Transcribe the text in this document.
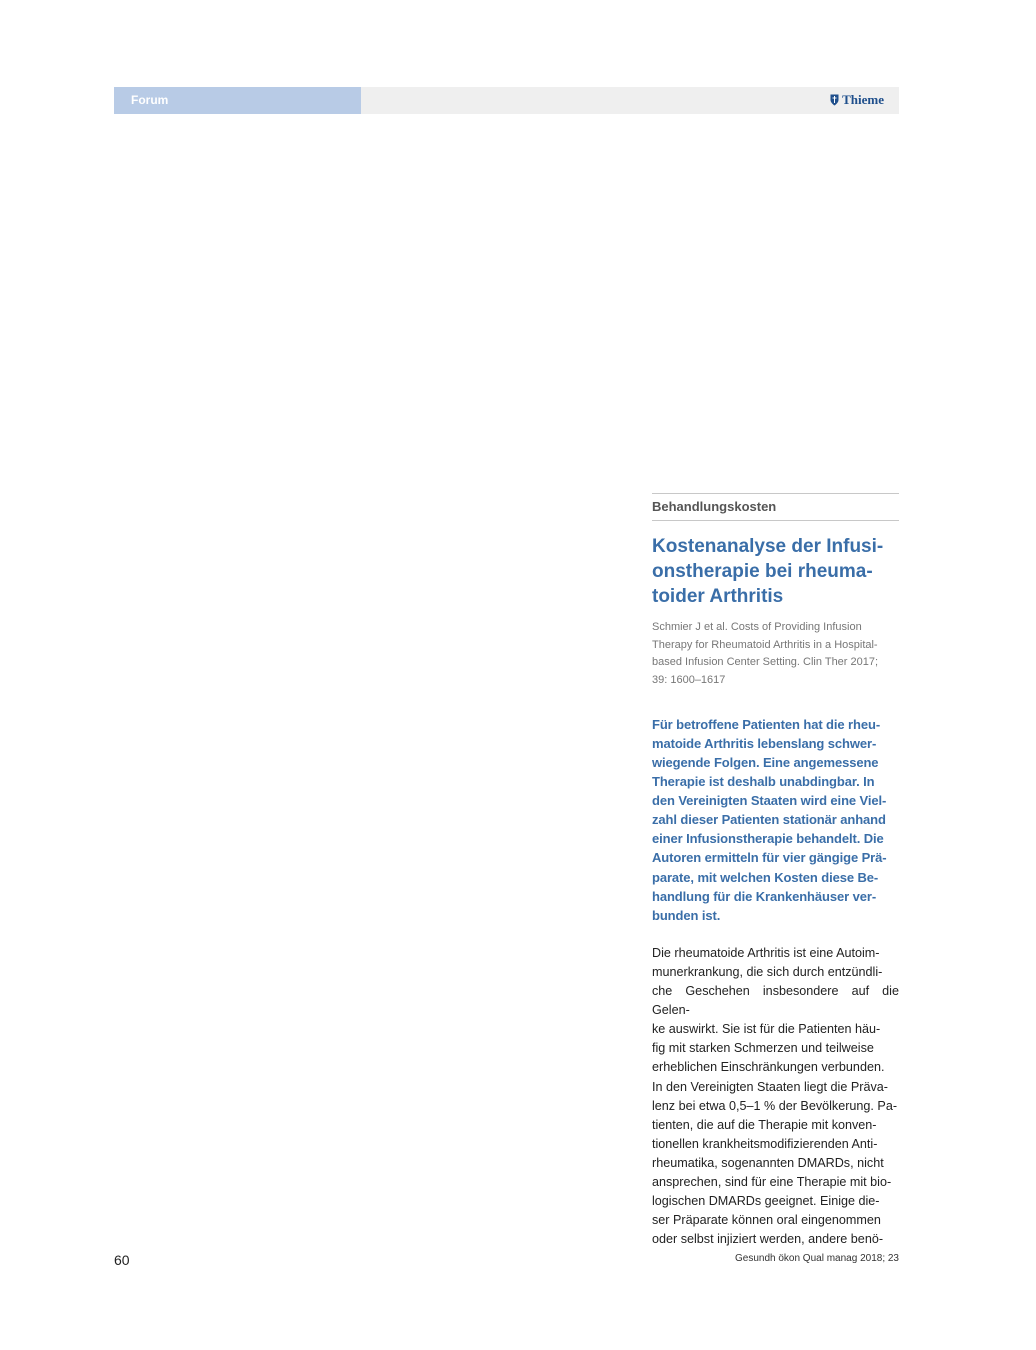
Forum	Thieme
Behandlungskosten
Kostenanalyse der Infusi-
onstherapie bei rheuma-
toider Arthritis
Schmier J et al. Costs of Providing Infusion
Therapy for Rheumatoid Arthritis in a Hospital-
based Infusion Center Setting. Clin Ther 2017;
39: 1600–1617
Für betroffene Patienten hat die rheu-
matoide Arthritis lebenslang schwer-
wiegende Folgen. Eine angemessene
Therapie ist deshalb unabdingbar. In
den Vereinigten Staaten wird eine Viel-
zahl dieser Patienten stationär anhand
einer Infusionstherapie behandelt. Die
Autoren ermitteln für vier gängige Prä-
parate, mit welchen Kosten diese Be-
handlung für die Krankenhäuser ver-
bunden ist.
Die rheumatoide Arthritis ist eine Autoim-
munerkrankung, die sich durch entzündli-
che Geschehen insbesondere auf die Gelen-
ke auswirkt. Sie ist für die Patienten häu-
fig mit starken Schmerzen und teilweise
erheblichen Einschränkungen verbunden.
In den Vereinigten Staaten liegt die Präva-
lenz bei etwa 0,5–1 % der Bevölkerung. Pa-
tienten, die auf die Therapie mit konven-
tionellen krankheitsmodifizierenden Anti-
rheumatika, sogenannten DMARDs, nicht
ansprechen, sind für eine Therapie mit bio-
logischen DMARDs geeignet. Einige die-
ser Präparate können oral eingenommen
oder selbst injiziert werden, andere benö-
60	Gesundh ökon Qual manag 2018; 23
